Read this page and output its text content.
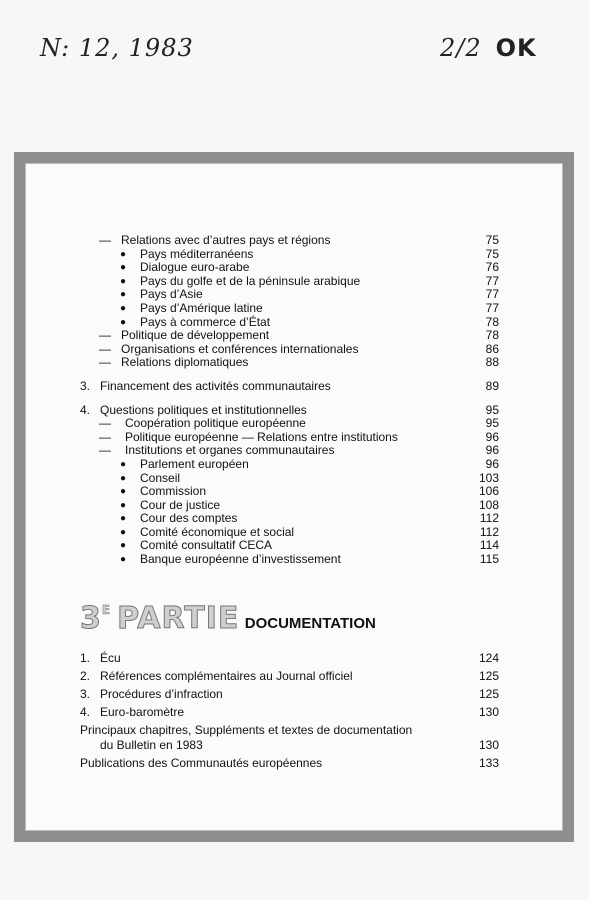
N: 12, 1983	2/2 OK
— Relations avec d’autres pays et régions	75
●	Pays méditerranéens	75
●	Dialogue euro-arabe	76
●	Pays du golfe et de la péninsule arabique	77
●	Pays d’Asie	77
●	Pays d’Amérique latine	77
●	Pays à commerce d’État	78
— Politique de développement	78
— Organisations et conférences internationales	86
— Relations diplomatiques	88
3. Financement des activités communautaires	89
4. Questions politiques et institutionnelles	95
—	Coopération politique européenne	95
—	Politique européenne — Relations entre institutions	96
—	Institutions et organes communautaires	96
●	Parlement européen	96
●	Conseil	103
●	Commission	106
●	Cour de justice	108
●	Cour des comptes	112
●	Comité économique et social	112
●	Comité consultatif CECA	114
●	Banque européenne d’investissement	115
3E PARTIE DOCUMENTATION
1. Écu	124
2. Références complémentaires au Journal officiel	125
3. Procédures d’infraction	125
4. Euro-baromètre	130
Principaux chapitres, Suppléments et textes de documentation
du Bulletin en 1983	130
Publications des Communautés européennes	133
